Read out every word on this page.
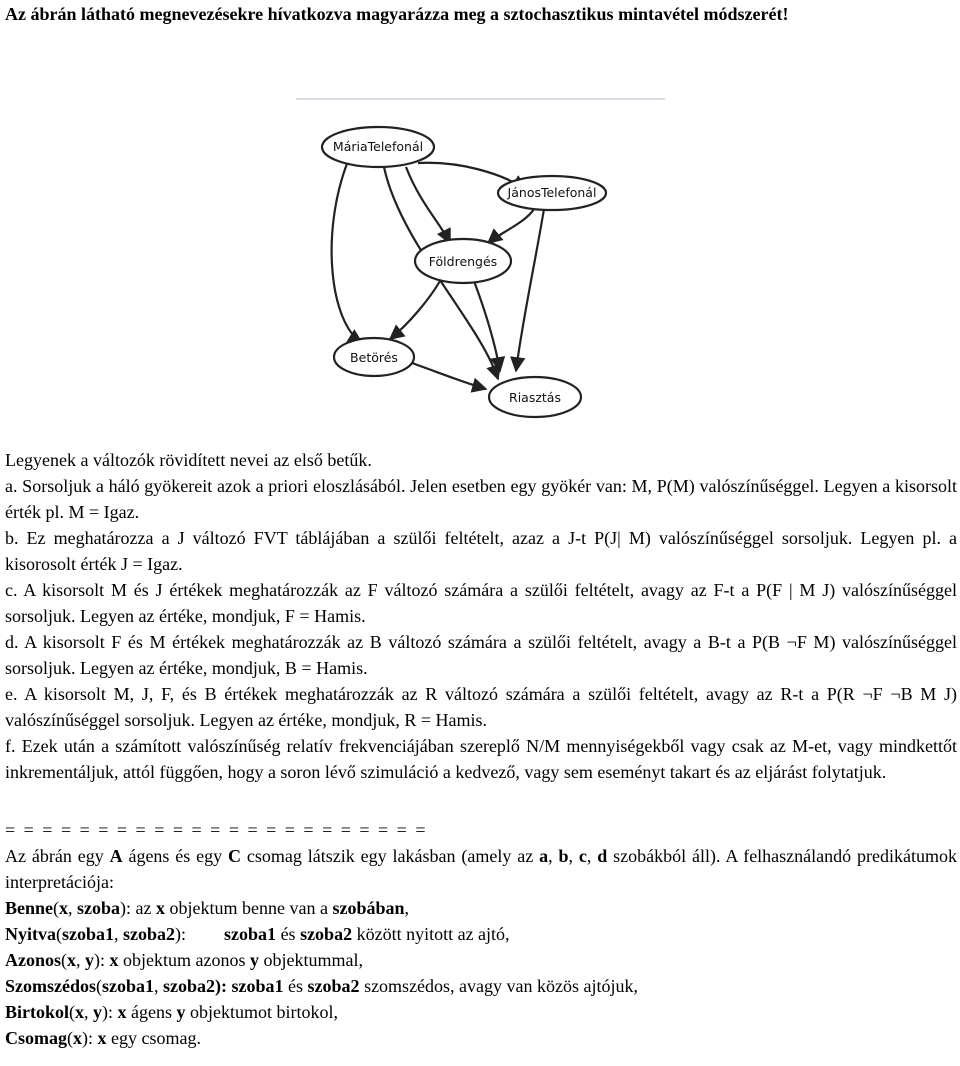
Az ábrán látható megnevezésekre hívatkozva magyarázza meg a sztochasztikus mintavétel módszerét!

MáriaTelefonál
JánosTelefonál
Földrengés
Betörés
Riasztás

Legyenek a változók rövidített nevei az első betűk.

a. Sorsoljuk a háló gyökereit azok a priori eloszlásából. Jelen esetben egy gyökér van: M, P(M) valószínűséggel. Legyen a kisorsolt érték pl. M = Igaz.

b. Ez meghatározza a J változó FVT táblájában a szülői feltételt, azaz a J-t P(J| M) valószínűséggel sorsoljuk. Legyen pl. a kisorosolt érték J = Igaz.

c. A kisorsolt M és J értékek meghatározzák az F változó számára a szülői feltételt, avagy az F-t a P(F | M J) valószínűséggel sorsoljuk. Legyen az értéke, mondjuk, F = Hamis.

d. A kisorsolt F és M értékek meghatározzák az B változó számára a szülői feltételt, avagy a B-t a P(B ¬F M) valószínűséggel sorsoljuk. Legyen az értéke, mondjuk, B = Hamis.

e. A kisorsolt M, J, F, és B értékek meghatározzák az R változó számára a szülői feltételt, avagy az R-t a P(R ¬F ¬B M J) valószínűséggel sorsoljuk. Legyen az értéke, mondjuk, R = Hamis.

f. Ezek után a számított valószínűség relatív frekvenciájában szereplő N/M mennyiségekből vagy csak az M-et, vagy mindkettőt inkrementáljuk, attól függően, hogy a soron lévő szimuláció a kedvező, vagy sem eseményt takart és az eljárást folytatjuk.

= = = = = = = = = = = = = = = = = = = = = = =

Az ábrán egy A ágens és egy C csomag látszik egy lakásban (amely az a, b, c, d szobákból áll). A felhasználandó predikátumok interpretációja:

Benne(x, szoba): az x objektum benne van a szobában,

Nyitva(szoba1, szoba2): szoba1 és szoba2 között nyitott az ajtó,

Azonos(x, y): x objektum azonos y objektummal,

Szomszédos(szoba1, szoba2): szoba1 és szoba2 szomszédos, avagy van közös ajtójuk,

Birtokol(x, y): x ágens y objektumot birtokol,

Csomag(x): x egy csomag.
